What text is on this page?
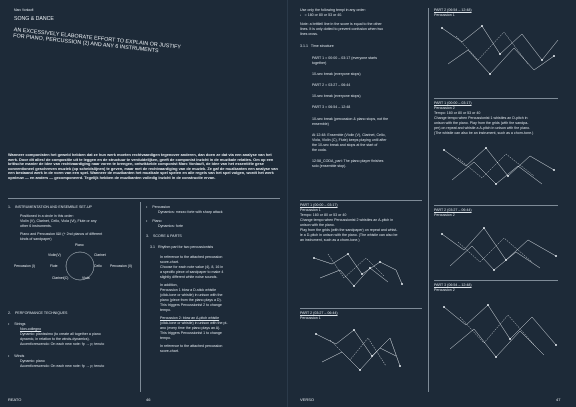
Marc Vonlaufi
SONG & DANCE
AN EXCESSIVELY ELABORATE EFFORT TO EXPLAIN OR JUSTIFY
FOR PIANO, PERCUSSION (2) AND ANY 6 INSTRUMENTS
Wanneer componisten het geweld hebben dat ze hun werk moeten rechtvaardigen tegenover anderen, dan doen ze dat via een analyse van het werk. Door dit alles! de compositie uit te leggen en de structuur te verduidelijken, geeft de componist inzicht in de muzikale relaties. Om op een kritische manier de idee van rechtvaardiging naar voren te brengen, ontwikkelde componist Marc Vonlaufi, de idee van het essentiële gese conventioneel geschreven muziek (op scheidslijnen) te geven, maar met de rechtvaardiging van de muziek. Ze gaf de muzikanten een analyse van een bestaand werk in de vorm van een spel. Wanneer de muzikanten het muzikale spel spelen en alle regels van het spel volgen, wordt het werk opnieuw — en anders — gecomponeerd. Tegelijk hebben de muzikanten volledig inzicht in de constructie ervan.
1.    INSTRUMENTATION AND ENSEMBLE SET-UP
Positioned in a circle in this order:
Violin (V), Clarinet, Cello, Viola (Vi), Flute or any
other 6 instruments.
Piano and Percussion I&II (+ 2nd pianos of different
kinds of sandpaper)
Piano
Violin(V)	Clarinet
Percussion (I)	Percussion (II)
Flute	Cello
Viola
Clarinet(C)
2.    PERFORMANCE TECHNIQUES
•     Strings
Non-collegno
Dynamic: pianissimo (to create all together a piano
dynamic, in relation to the winds-dynamics).
Accent/crescendo: On each new note: fp → p; tenuto
•     Winds
Dynamic: piano
Accent/crescendo: On each new note: fp → p; tenuto
•     Percussion
Dynamics: mezzo forte with sharp attack
•     Piano
Dynamics: forte
3.    SCORE & PARTS
3.1   Rhythm part for two percussionists
In reference to the attached percussion
score-chart.
Choose for each note value (4), 8, 16 in
a specific piece of sandpaper to make 4
slightly different white noise sounds.
In addition,
Percussion 1 blow a D-stick whistle
(click-tone or whistle) in unison with the
piano (piece from the piano plays a D).
This triggers Percussionist 2 to change
tempo.
Percussion 2: blow an A-pitch whistle
(click-tone or whistle) in unison with the pi-
ano (every time the piano plays an A).
This triggers Percussionist 1 to change
tempo.
In reference to the attached percussion
score-chart.
REATO	46
Use only the following tempi in any order:
♩ = 160 or 80 or 53 or 40.
Note: a brittleil line in the score is equal to the other
lines. It is only dotted to prevent confusion when two
lines cross.
3.1.1   Time structure
PART 1 = 00:00 – 03:17 (everyone starts
together)
10-sec break (everyone stops)
PART 2 = 03:27 – 06:44
10-sec break (everyone stops)
PART 3 = 06:54 – 12:48
10-sec break (percussion & piano stops, not the
ensemble)
At 12:48: Ensemble (Violin (V), Clarinet, Cello,
Viola, Violin (C), Flute) keeps playing until after
the 10-sec break and stops at the start of
the coda.
12:58_CODA_part: The piano player finishes
solo (ensemble stop).
PART 1 (00:00 – 03:17)
Percussion 1
Tempo: 160 or 80 or 53 or 40
Change tempo when Percussionist 2 whistles an A-pitch in
unison with the piano.
Play from the grids (with the sandpaper) on repeat and whist-
le a D-pitch in unison with the piano. (The whistle can also be
an instrument, such as a chorn-tone.)
PART 2 (03:27 – 06:44)
Percussion 1
PART 2 (06:54 – 12:48)
Percussion 1
PART 1 (00:00 – 03:17)
Percussion 2
Tempo: 160 or 80 or 53 or 40
Change tempo when Percussionist 1 whistles an D-pitch in
unison with the piano. Play from the grids (with the sandpa-
per) on repeat and whistle a A-pitch in unison with the piano.
(The whistle can also be an instrument, such as a chorn-tone.)
PART 2 (03:27 – 06:44)
Percussion 2
PART 3 (06:54 – 12:48)
Percussion 2
VERSO	47
